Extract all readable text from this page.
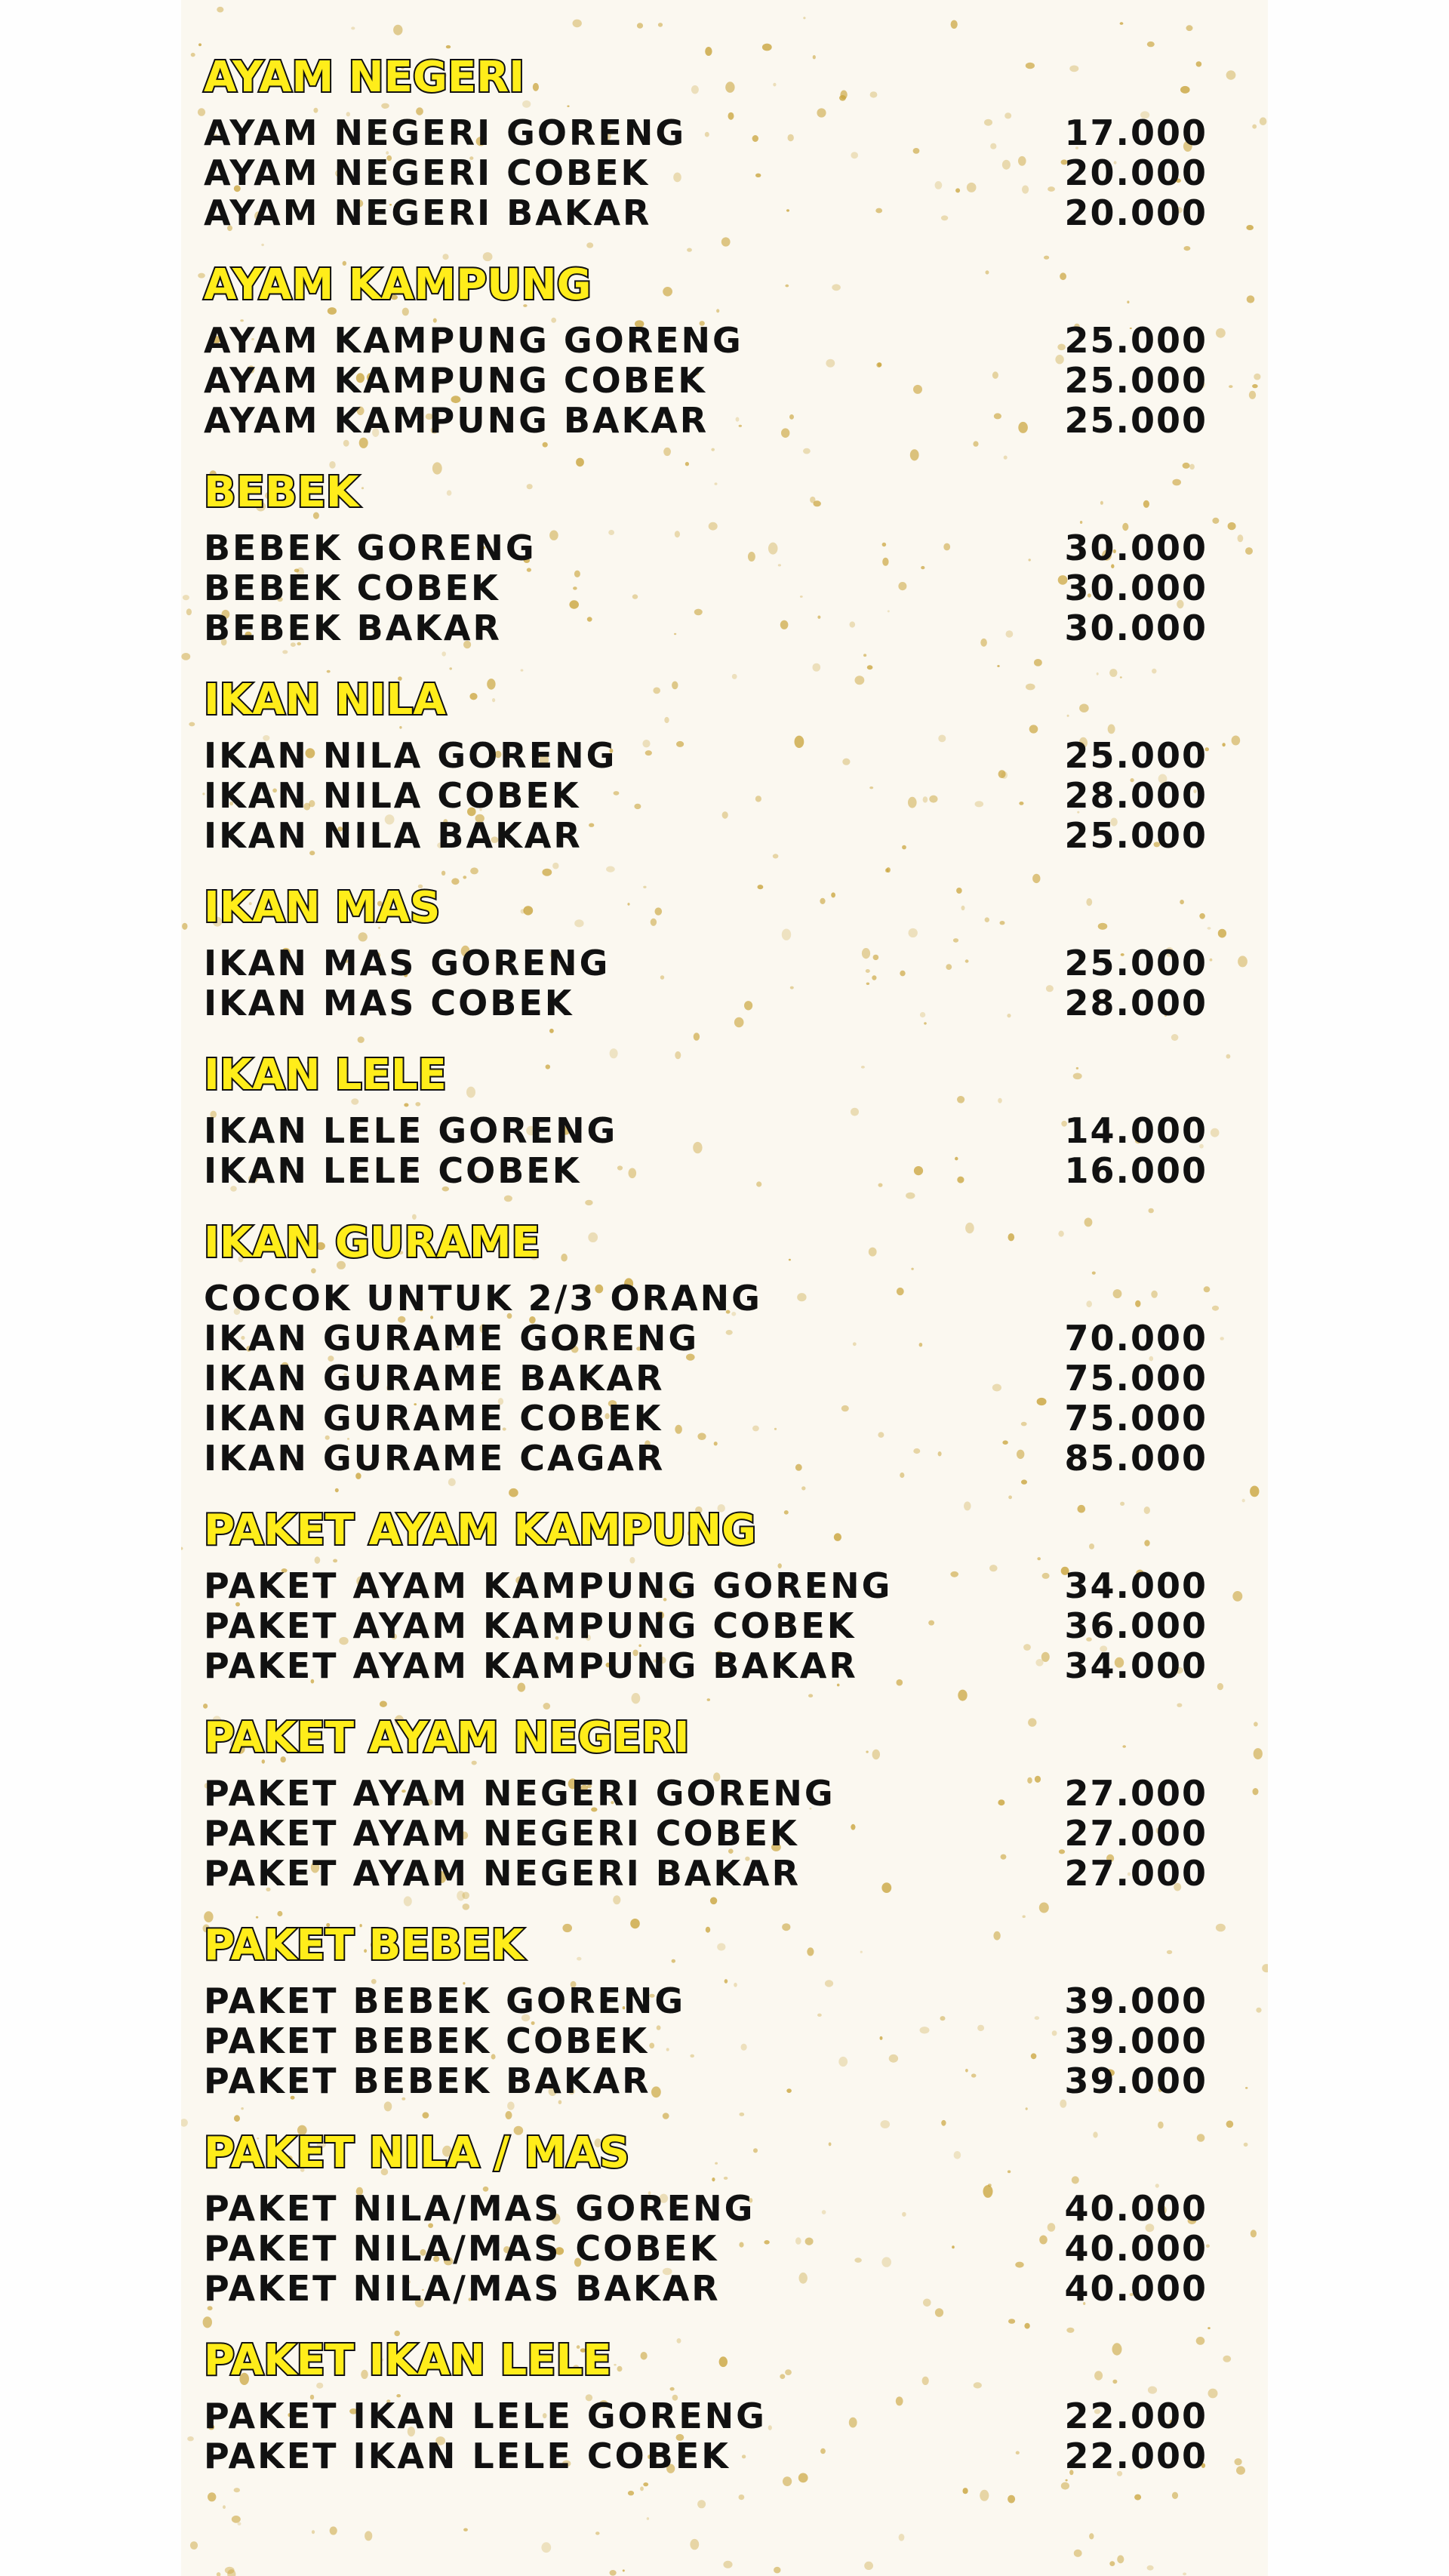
AYAM NEGERI
AYAM NEGERI GORENG	17.000
AYAM NEGERI COBEK	20.000
AYAM NEGERI BAKAR	20.000
AYAM KAMPUNG
AYAM KAMPUNG GORENG	25.000
AYAM KAMPUNG COBEK	25.000
AYAM KAMPUNG BAKAR	25.000
BEBEK
BEBEK GORENG	30.000
BEBEK COBEK	30.000
BEBEK BAKAR	30.000
IKAN NILA
IKAN NILA GORENG	25.000
IKAN NILA COBEK	28.000
IKAN NILA BAKAR	25.000
IKAN MAS
IKAN MAS GORENG	25.000
IKAN MAS COBEK	28.000
IKAN LELE
IKAN LELE GORENG	14.000
IKAN LELE COBEK	16.000
IKAN GURAME
COCOK UNTUK 2/3 ORANG
IKAN GURAME GORENG	70.000
IKAN GURAME BAKAR	75.000
IKAN GURAME COBEK	75.000
IKAN GURAME CAGAR	85.000
PAKET AYAM KAMPUNG
PAKET AYAM KAMPUNG GORENG	34.000
PAKET AYAM KAMPUNG COBEK	36.000
PAKET AYAM KAMPUNG BAKAR	34.000
PAKET AYAM NEGERI
PAKET AYAM NEGERI GORENG	27.000
PAKET AYAM NEGERI COBEK	27.000
PAKET AYAM NEGERI BAKAR	27.000
PAKET BEBEK
PAKET BEBEK GORENG	39.000
PAKET BEBEK COBEK	39.000
PAKET BEBEK BAKAR	39.000
PAKET NILA / MAS
PAKET NILA/MAS GORENG	40.000
PAKET NILA/MAS COBEK	40.000
PAKET NILA/MAS BAKAR	40.000
PAKET IKAN LELE
PAKET IKAN LELE GORENG	22.000
PAKET IKAN LELE COBEK	22.000
